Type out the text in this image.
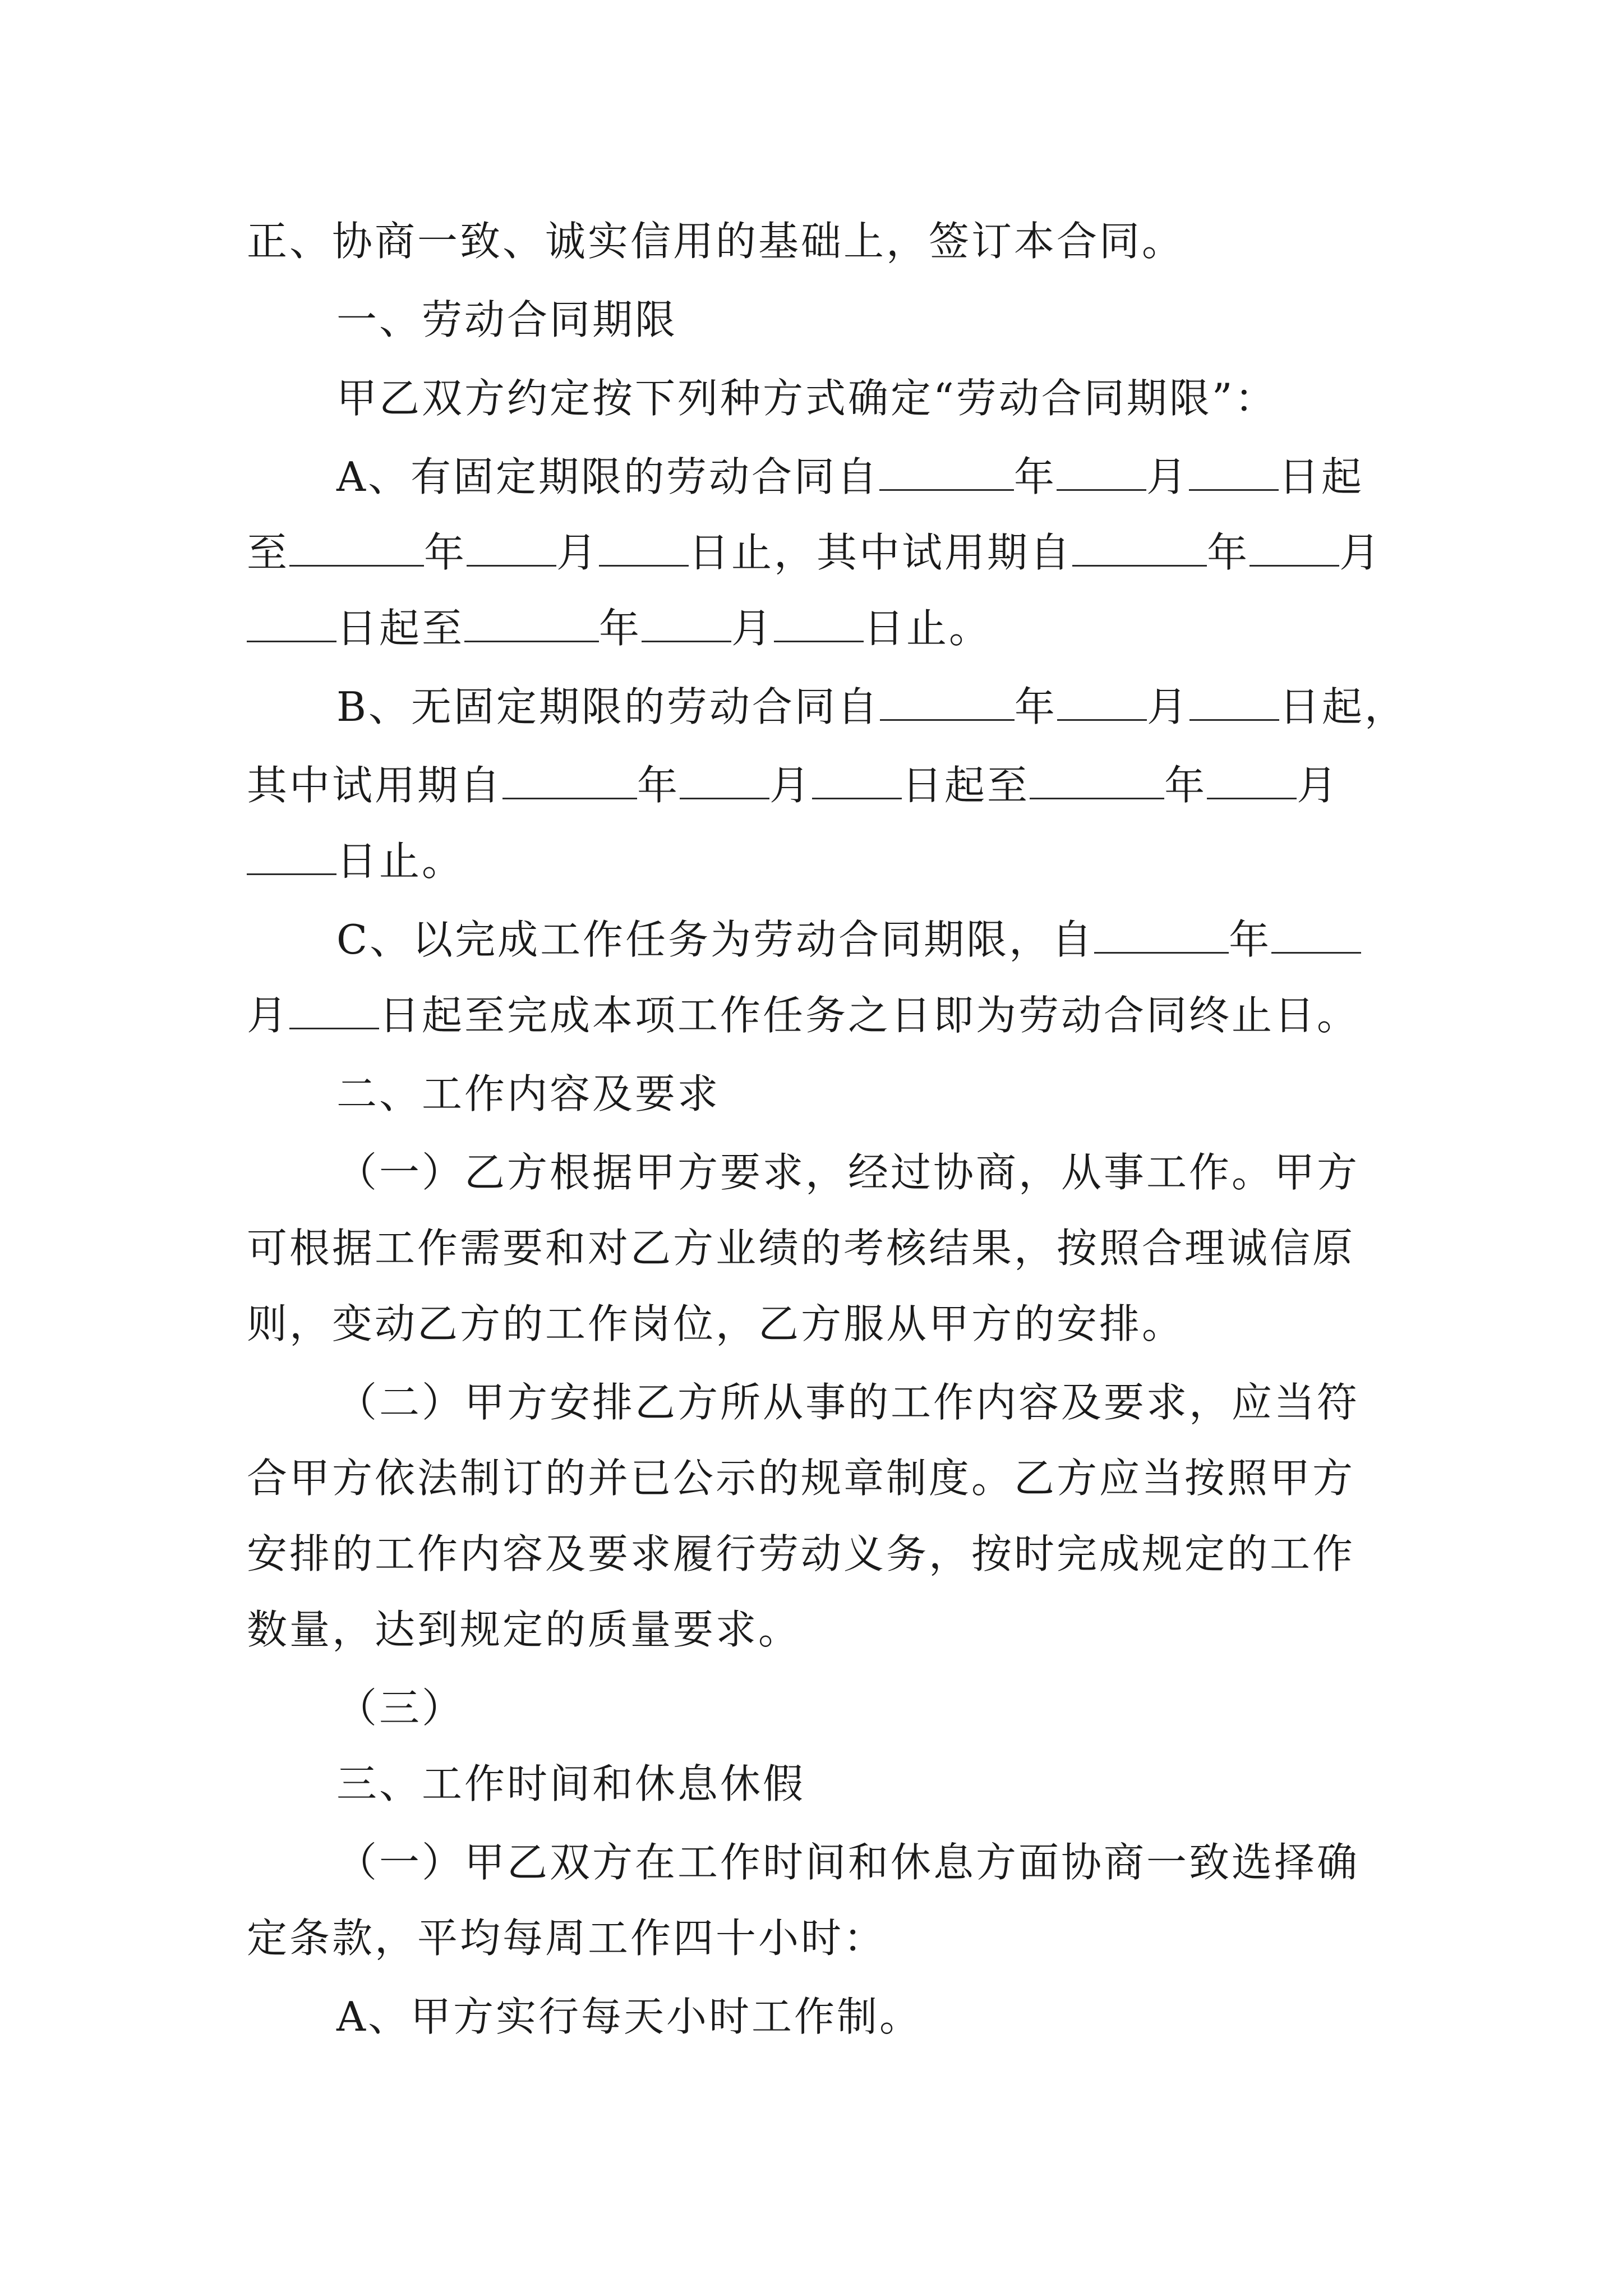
正、协商一致、诚实信用的基础上，签订本合同。
一、劳动合同期限
甲乙双方约定按下列种方式确定“劳动合同期限”：
A、有固定期限的劳动合同自	年 月 日起
至	年 月 日止，其中试用期自	年 月
日起至	年 月 日止。
B、无固定期限的劳动合同自	年 月 日起，
其中试用期自	年 月 日起至	年 月
日止。
C、以完成工作任务为劳动合同期限，自	年
月 日起至完成本项工作任务之日即为劳动合同终止日。
二、工作内容及要求
（一）乙方根据甲方要求，经过协商，从事工作。甲方
可根据工作需要和对乙方业绩的考核结果，按照合理诚信原
则，变动乙方的工作岗位，乙方服从甲方的安排。
（二）甲方安排乙方所从事的工作内容及要求，应当符
合甲方依法制订的并已公示的规章制度。乙方应当按照甲方
安排的工作内容及要求履行劳动义务，按时完成规定的工作
数量，达到规定的质量要求。
（三）
三、工作时间和休息休假
（一）甲乙双方在工作时间和休息方面协商一致选择确
定条款，平均每周工作四十小时：
A、甲方实行每天小时工作制。
